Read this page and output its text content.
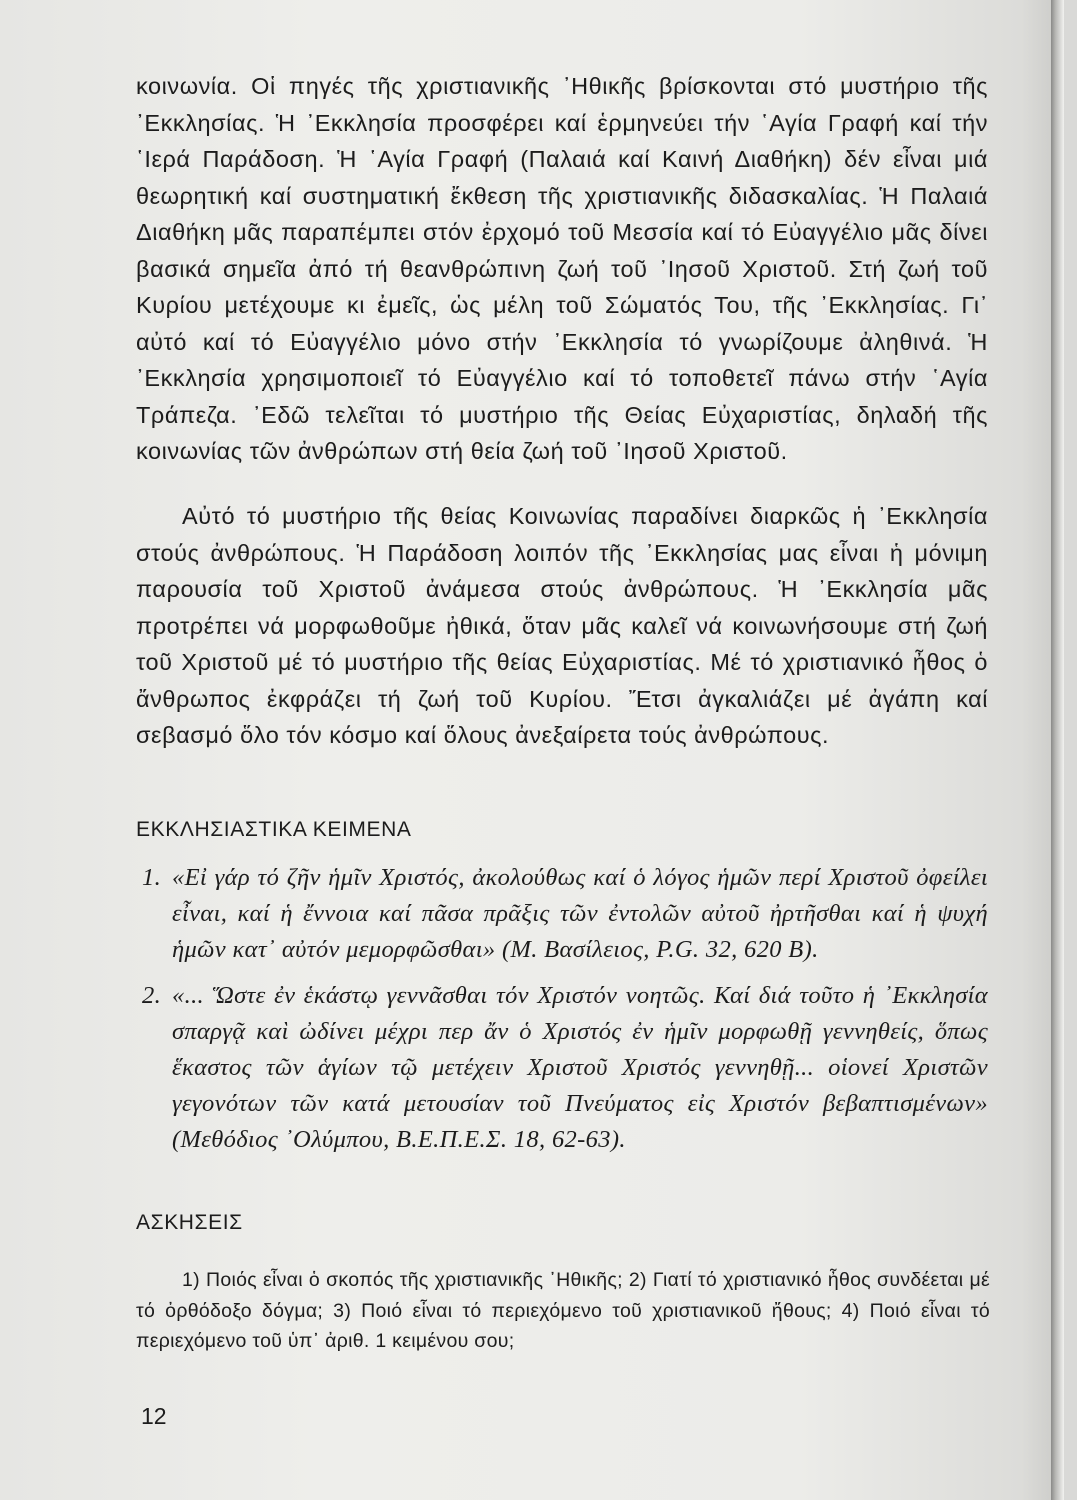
κοινωνία. Οἱ πηγές τῆς χριστιανικῆς ᾿Ηθικῆς βρίσκονται στό μυστήριο τῆς ᾿Εκκλησίας. Ἡ ᾿Εκκλησία προσφέρει καί ἑρμηνεύει τήν ῾Αγία Γραφή καί τήν ῾Ιερά Παράδοση. Ἡ ῾Αγία Γραφή (Παλαιά καί Καινή Διαθήκη) δέν εἶναι μιά θεωρητική καί συστηματική ἔκθεση τῆς χριστιανικῆς διδασκαλίας. Ἡ Παλαιά Διαθήκη μᾶς παραπέμπει στόν ἐρχομό τοῦ Μεσσία καί τό Εὐαγγέλιο μᾶς δίνει βασικά σημεῖα ἀπό τή θεανθρώπινη ζωή τοῦ ᾿Ιησοῦ Χριστοῦ. Στή ζωή τοῦ Κυρίου μετέχουμε κι ἐμεῖς, ὡς μέλη τοῦ Σώματός Του, τῆς ᾿Εκκλησίας. Γι᾿ αὐτό καί τό Εὐαγγέλιο μόνο στήν ᾿Εκκλησία τό γνωρίζουμε ἀληθινά. Ἡ ᾿Εκκλησία χρησιμοποιεῖ τό Εὐαγγέλιο καί τό τοποθετεῖ πάνω στήν ῾Αγία Τράπεζα. ᾿Εδῶ τελεῖται τό μυστήριο τῆς Θείας Εὐχαριστίας, δηλαδή τῆς κοινωνίας τῶν ἀνθρώπων στή θεία ζωή τοῦ ᾿Ιησοῦ Χριστοῦ.

Αὐτό τό μυστήριο τῆς θείας Κοινωνίας παραδίνει διαρκῶς ἡ ᾿Εκκλησία στούς ἀνθρώπους. Ἡ Παράδοση λοιπόν τῆς ᾿Εκκλησίας μας εἶναι ἡ μόνιμη παρουσία τοῦ Χριστοῦ ἀνάμεσα στούς ἀνθρώπους. Ἡ ᾿Εκκλησία μᾶς προτρέπει νά μορφωθοῦμε ἠθικά, ὅταν μᾶς καλεῖ νά κοινωνήσουμε στή ζωή τοῦ Χριστοῦ μέ τό μυστήριο τῆς θείας Εὐχαριστίας. Μέ τό χριστιανικό ἦθος ὁ ἄνθρωπος ἐκφράζει τή ζωή τοῦ Κυρίου. Ἔτσι ἀγκαλιάζει μέ ἀγάπη καί σεβασμό ὅλο τόν κόσμο καί ὅλους ἀνεξαίρετα τούς ἀνθρώπους.

ΕΚΚΛΗΣΙΑΣΤΙΚΑ ΚΕΙΜΕΝΑ
1. «Εἰ γάρ τό ζῆν ἡμῖν Χριστός, ἀκολούθως καί ὁ λόγος ἡμῶν περί Χριστοῦ ὀφείλει εἶναι, καί ἡ ἔννοια καί πᾶσα πρᾶξις τῶν ἐντολῶν αὐτοῦ ἠρτῆσθαι καί ἡ ψυχή ἡμῶν κατ᾿ αὐτόν μεμορφῶσθαι» (Μ. Βασίλειος, P.G. 32, 620 B).
2. «... Ὥστε ἐν ἑκάστῳ γεννᾶσθαι τόν Χριστόν νοητῶς. Καί διά τοῦτο ἡ ᾿Εκκλησία σπαργᾷ καὶ ὠδίνει μέχρι περ ἄν ὁ Χριστός ἐν ἡμῖν μορφωθῇ γεννηθείς, ὅπως ἕκαστος τῶν ἁγίων τῷ μετέχειν Χριστοῦ Χριστός γεννηθῇ... οἱονεί Χριστῶν γεγονότων τῶν κατά μετουσίαν τοῦ Πνεύματος εἰς Χριστόν βεβαπτισμένων» (Μεθόδιος ᾿Ολύμπου, Β.Ε.Π.Ε.Σ. 18, 62-63).
ΑΣΚΗΣΕΙΣ

1) Ποιός εἶναι ὁ σκοπός τῆς χριστιανικῆς ᾿Ηθικῆς; 2) Γιατί τό χριστιανικό ἦθος συνδέεται μέ τό ὀρθόδοξο δόγμα; 3) Ποιό εἶναι τό περιεχόμενο τοῦ χριστιανικοῦ ἤθους; 4) Ποιό εἶναι τό περιεχόμενο τοῦ ὑπ᾿ ἀριθ. 1 κειμένου σου;

12
